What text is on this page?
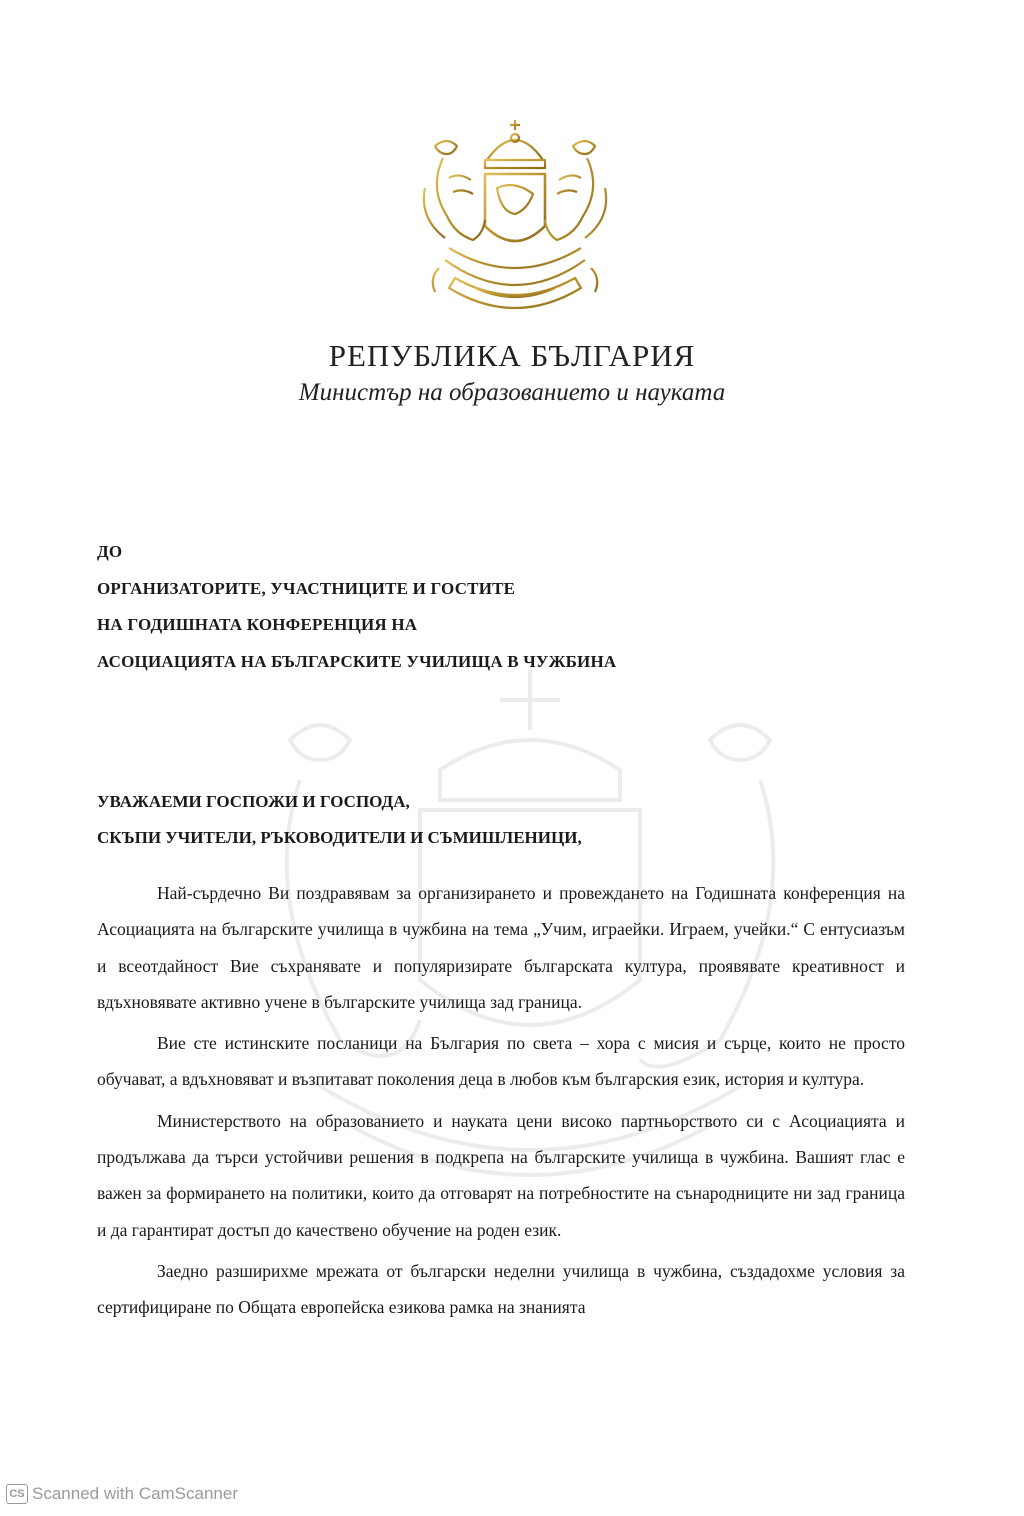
РЕПУБЛИКА БЪЛГАРИЯ
Министър на образованието и науката
ДО
ОРГАНИЗАТОРИТЕ, УЧАСТНИЦИТЕ И ГОСТИТЕ
НА ГОДИШНАТА КОНФЕРЕНЦИЯ НА
АСОЦИАЦИЯТА НА БЪЛГАРСКИТЕ УЧИЛИЩА В ЧУЖБИНА
УВАЖАЕМИ ГОСПОЖИ И ГОСПОДА,
СКЪПИ УЧИТЕЛИ, РЪКОВОДИТЕЛИ И СЪМИШЛЕНИЦИ,

Най-сърдечно Ви поздравявам за организирането и провеждането на Годишната конференция на Асоциацията на българските училища в чужбина на тема „Учим, играейки. Играем, учейки.“ С ентусиазъм и всеотдайност Вие съхранявате и популяризирате българската култура, проявявате креативност и вдъхновявате активно учене в българските училища зад граница.

Вие сте истинските посланици на България по света – хора с мисия и сърце, които не просто обучават, а вдъхновяват и възпитават поколения деца в любов към българския език, история и култура.

Министерството на образованието и науката цени високо партньорството си с Асоциацията и продължава да търси устойчиви решения в подкрепа на българските училища в чужбина. Вашият глас е важен за формирането на политики, които да отговарят на потребностите на сънародниците ни зад граница и да гарантират достъп до качествено обучение на роден език.

Заедно разширихме мрежата от български неделни училища в чужбина, създадохме условия за сертифициране по Общата европейска езикова рамка на знанията

CS Scanned with CamScanner
